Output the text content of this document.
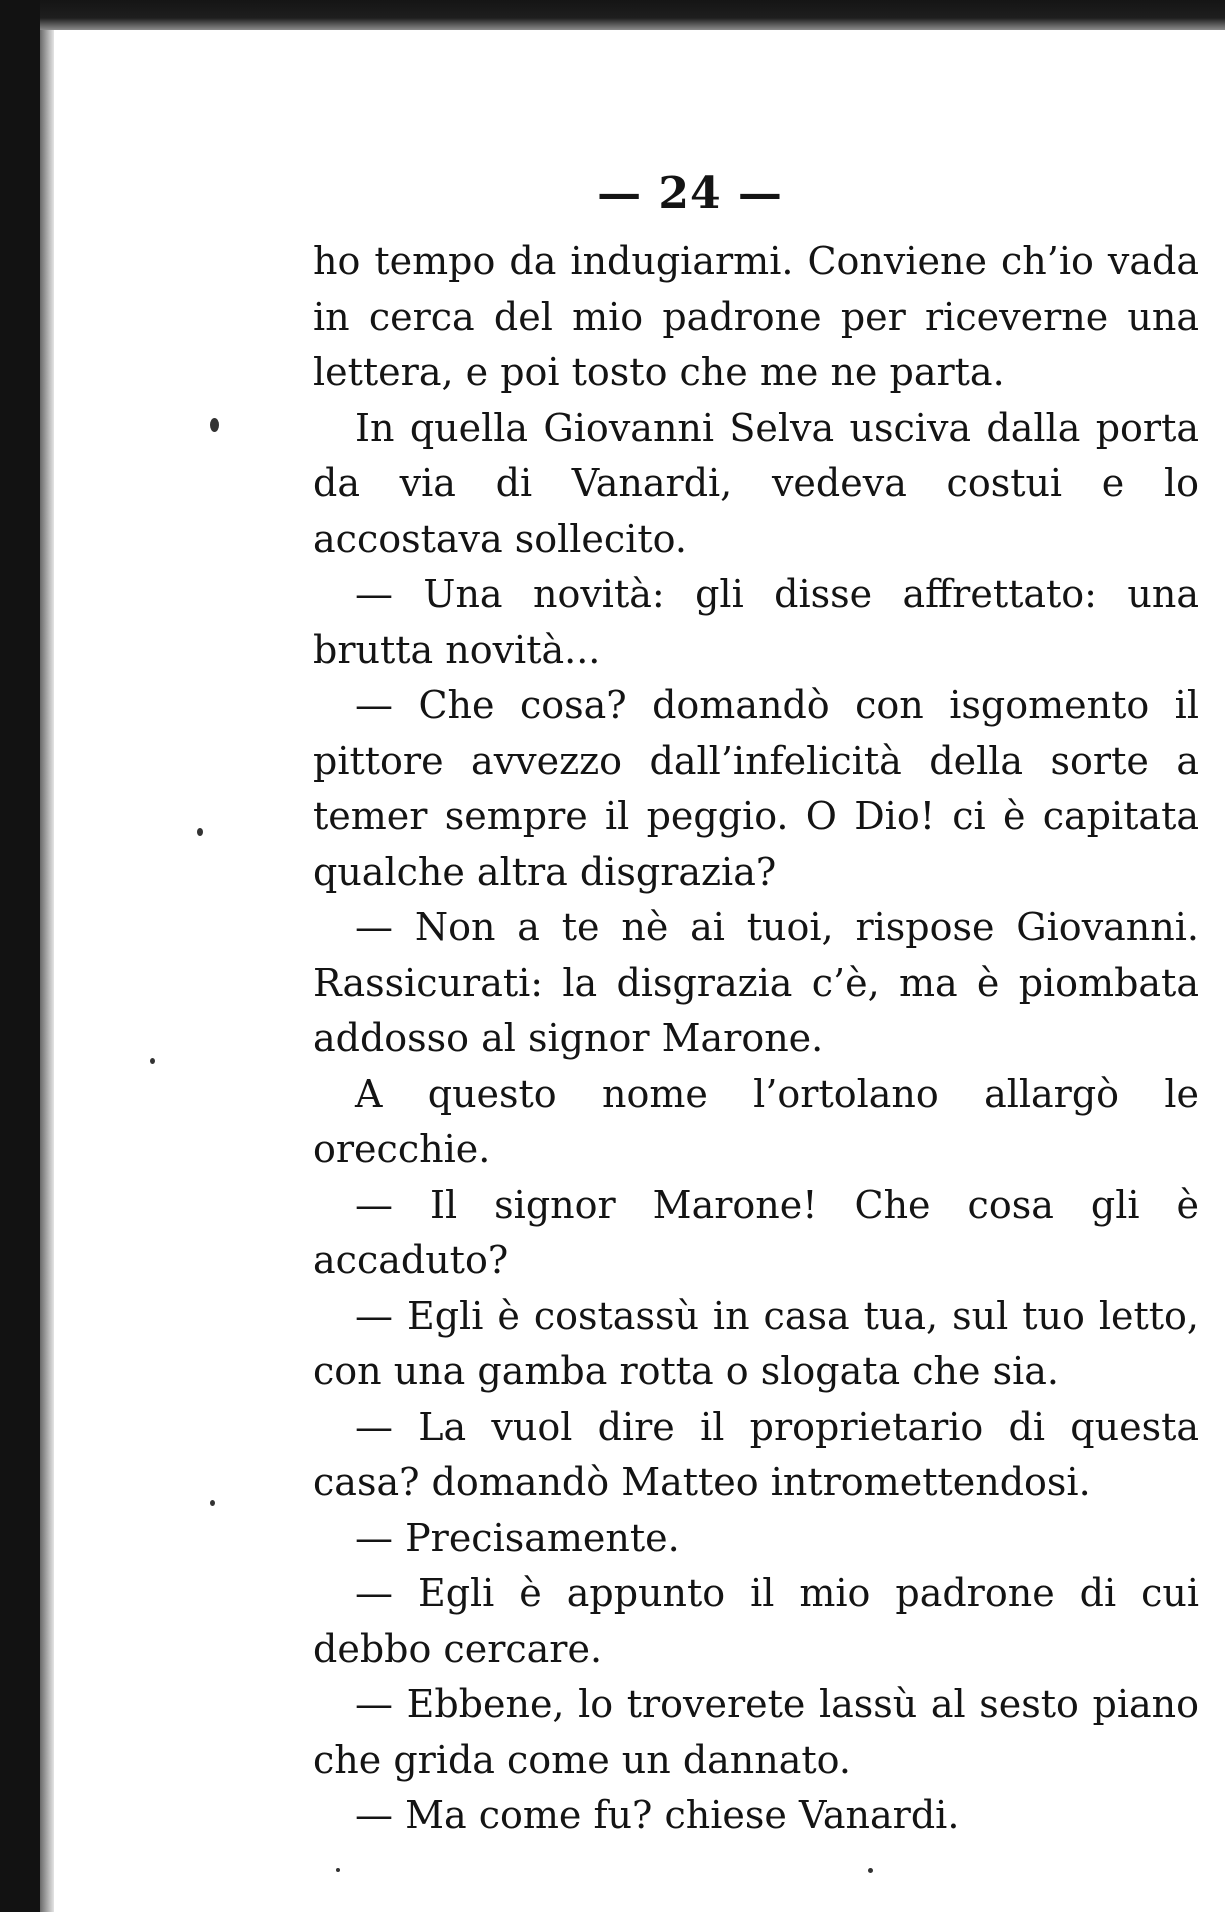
— 24 —

ho tempo da indugiarmi. Conviene ch’io vada in cerca del mio padrone per riceverne una lettera, e poi tosto che me ne parta.

In quella Giovanni Selva usciva dalla porta da via di Vanardi, vedeva costui e lo accostava sollecito.

— Una novità: gli disse affrettato: una brutta novità...

— Che cosa? domandò con isgomento il pittore avvezzo dall’infelicità della sorte a temer sempre il peggio. O Dio! ci è capitata qualche altra disgrazia?

— Non a te nè ai tuoi, rispose Giovanni. Rassicurati: la disgrazia c’è, ma è piombata addosso al signor Marone.

A questo nome l’ortolano allargò le orecchie.

— Il signor Marone! Che cosa gli è accaduto?

— Egli è costassù in casa tua, sul tuo letto, con una gamba rotta o slogata che sia.

— La vuol dire il proprietario di questa casa? domandò Matteo intromettendosi.

— Precisamente.

— Egli è appunto il mio padrone di cui debbo cercare.

— Ebbene, lo troverete lassù al sesto piano che grida come un dannato.

— Ma come fu? chiese Vanardi.
